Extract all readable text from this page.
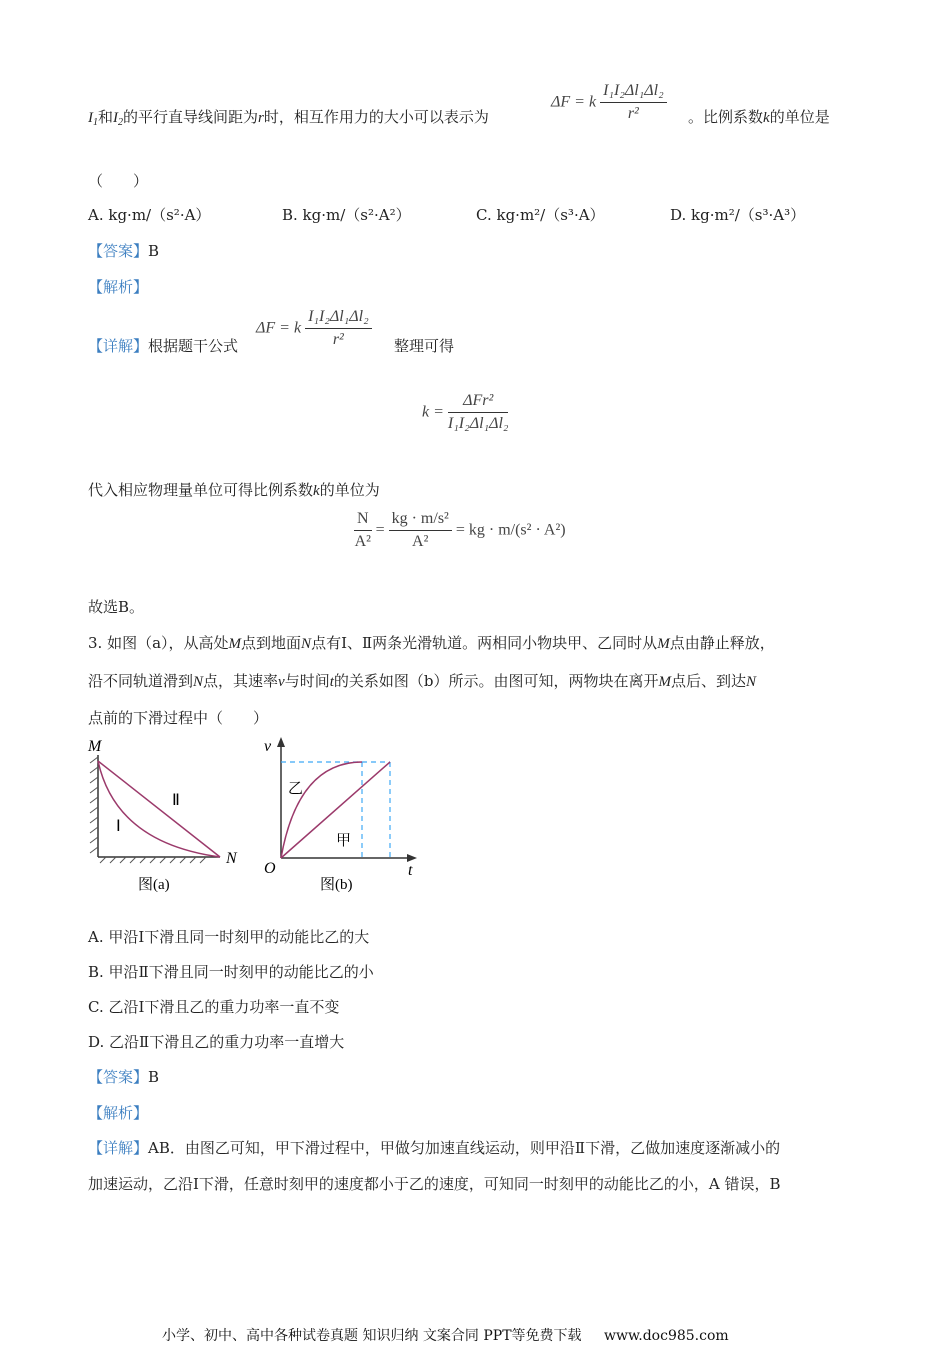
$I_1$和$I_2$的平行直导线间距为r时，相互作用力的大小可以表示为
ΔF = k $\frac{\text{I₁I₂Δl₁Δl₂}}{\text{r²}}$ 。比例系数k的单位是
（　　）
A. kg·m/（s²·A）	B. kg·m/（s²·A²）	C. kg·m²/（s³·A）	D. kg·m²/（s³·A³）
【答案】B
【解析】
【详解】根据题干公式
ΔF = k $\frac{\text{I₁I₂Δl₁Δl₂}}{\text{r²}}$ 整理可得
$k = \frac{\text{ΔFr²}}{\text{I₁I₂Δl₁Δl₂}}$
代入相应物理量单位可得比例系数k的单位为
$\frac{N}{\text{A²}} = \frac{\text{kg · m/s²}}{\text{A²}}$ = kg · m/(s² · A²)
故选B。
3. 如图（a），从高处M点到地面N点有Ⅰ、Ⅱ两条光滑轨道。两相同小物块甲、乙同时从M点由静止释放，
沿不同轨道滑到N点，其速率v与时间t的关系如图（b）所示。由图可知，两物块在离开M点后、到达N
点前的下滑过程中（　　）
M
N
Ⅱ
Ⅰ
图(a)
v
t
O
乙
甲
图(b)
A. 甲沿Ⅰ下滑且同一时刻甲的动能比乙的大
B. 甲沿Ⅱ下滑且同一时刻甲的动能比乙的小
C. 乙沿Ⅰ下滑且乙的重力功率一直不变
D. 乙沿Ⅱ下滑且乙的重力功率一直增大
【答案】B
【解析】
【详解】AB．由图乙可知，甲下滑过程中，甲做匀加速直线运动，则甲沿Ⅱ下滑，乙做加速度逐渐减小的
加速运动，乙沿Ⅰ下滑，任意时刻甲的速度都小于乙的速度，可知同一时刻甲的动能比乙的小，A 错误，B
小学、初中、高中各种试卷真题 知识归纳 文案合同 PPT等免费下载 www.doc985.com
